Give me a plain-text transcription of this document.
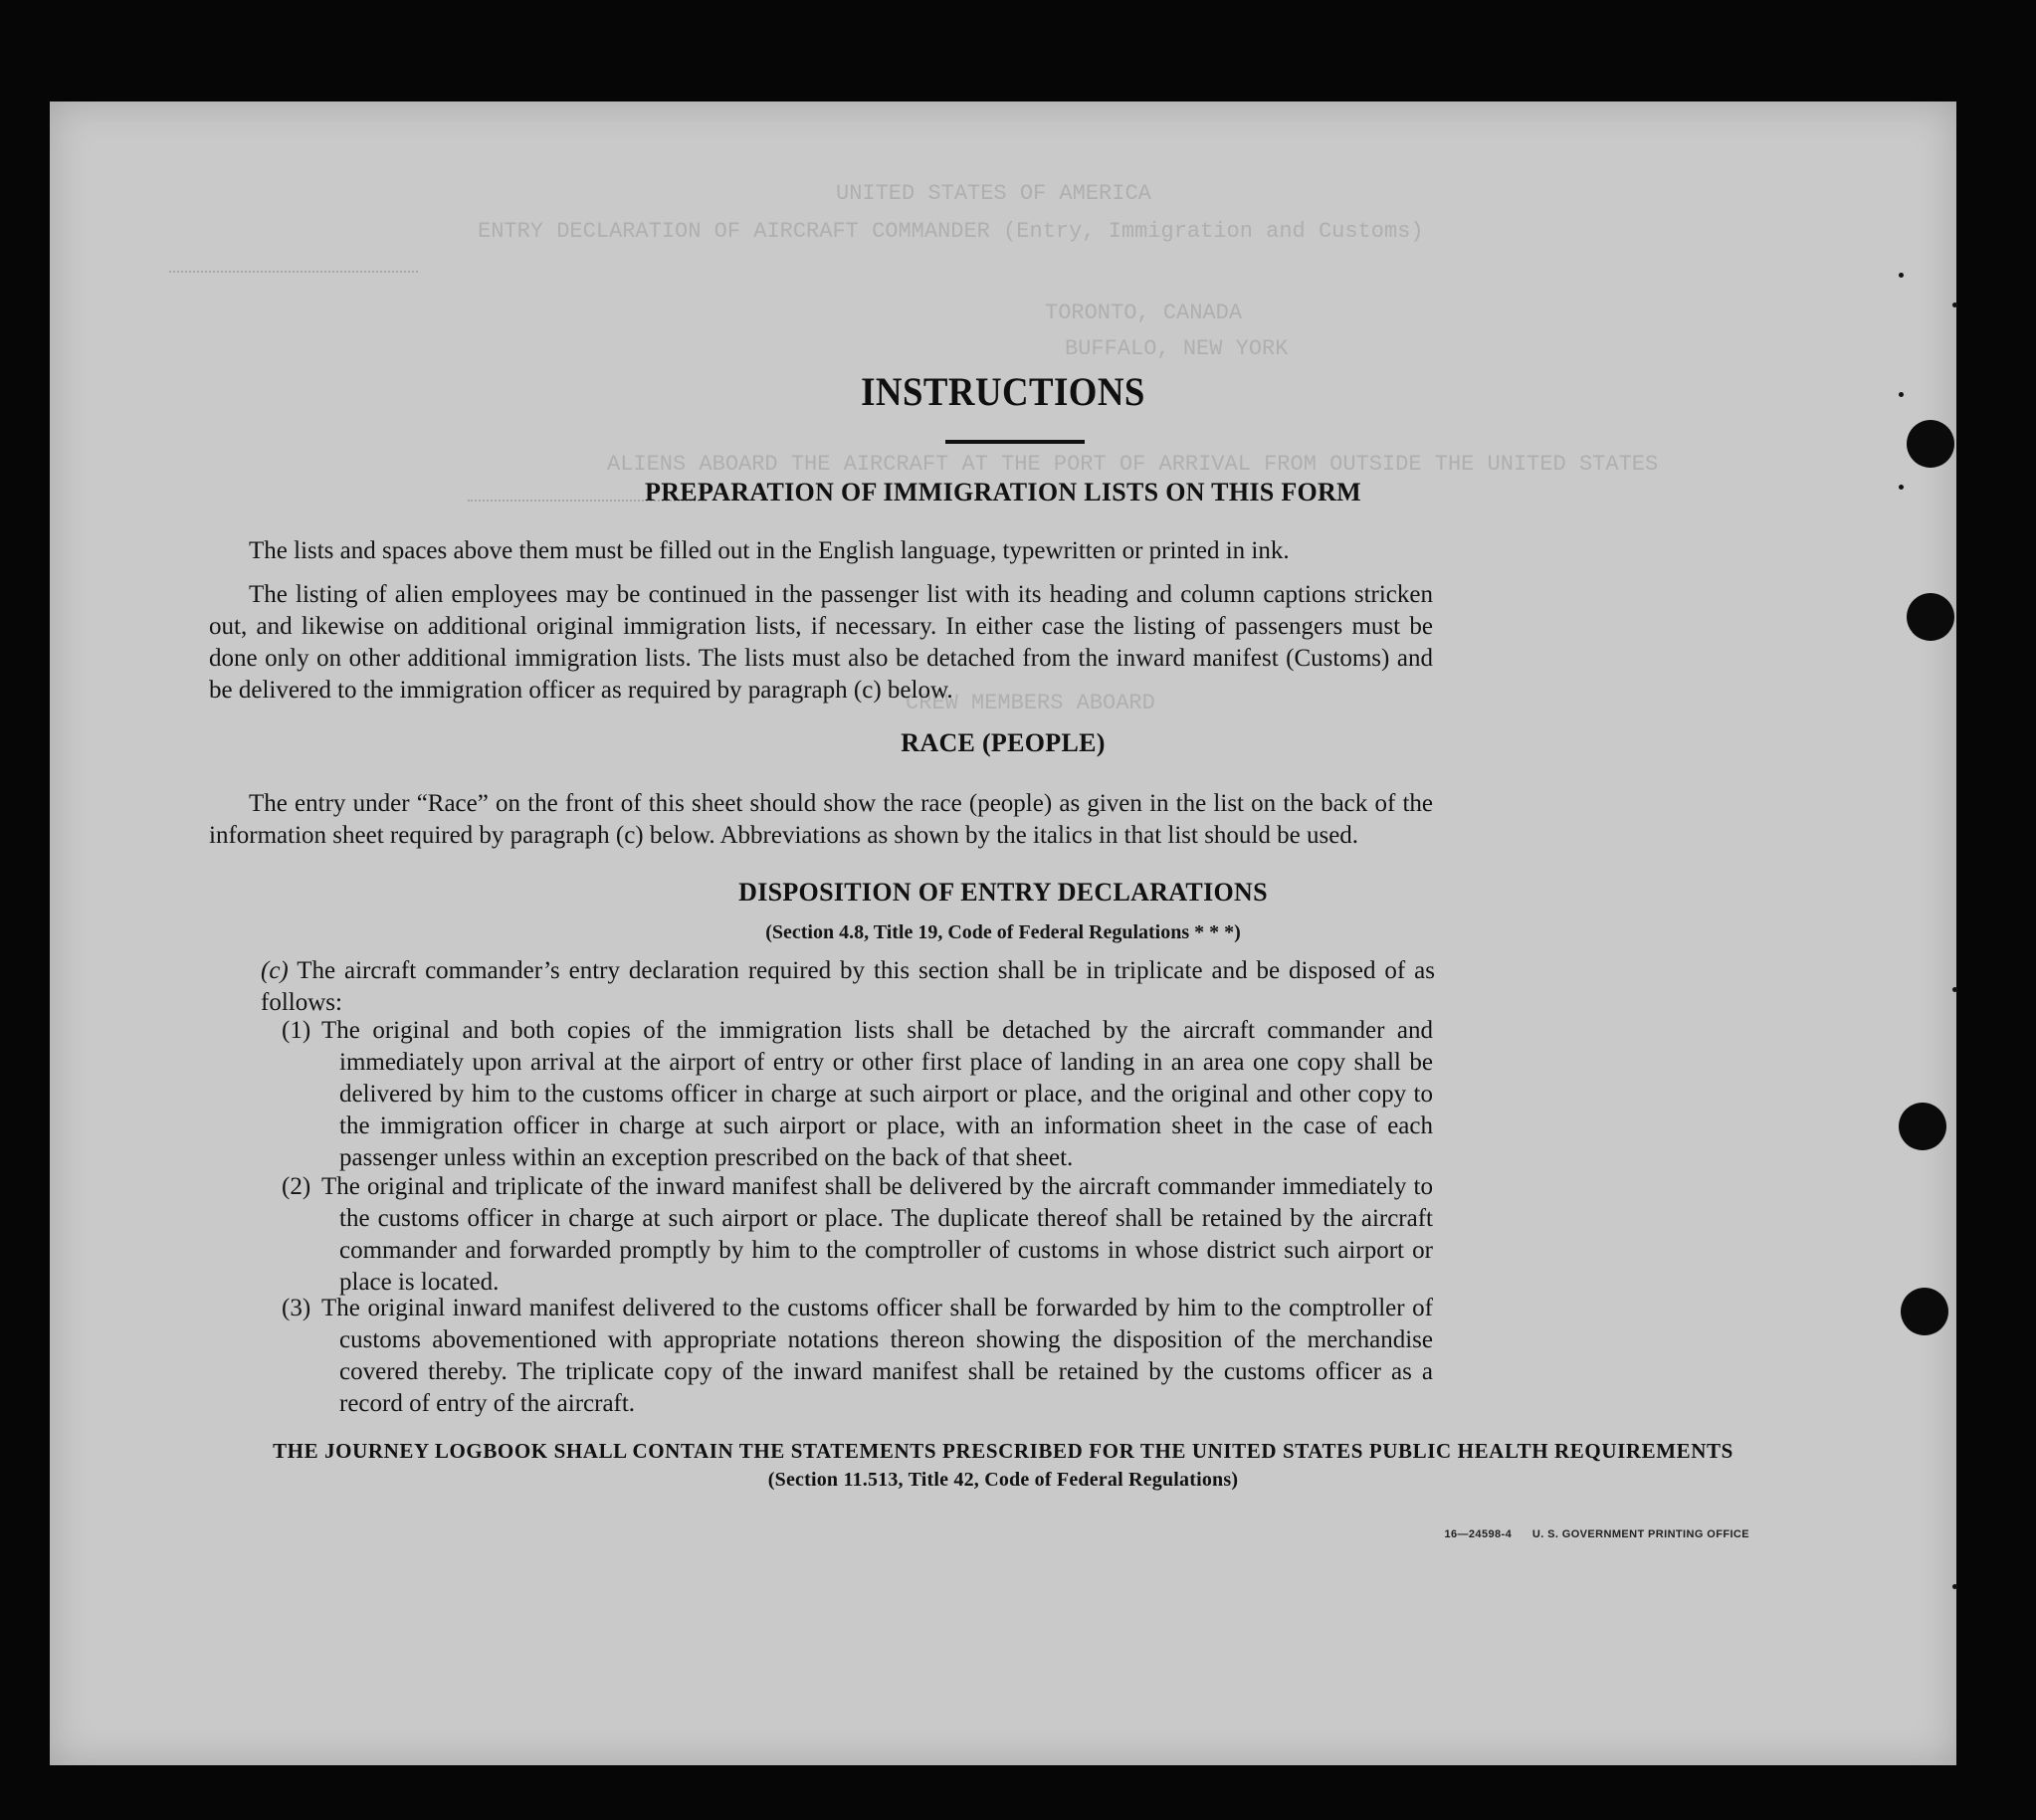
UNITED STATES OF AMERICA
ENTRY DECLARATION OF AIRCRAFT COMMANDER (Entry, Immigration and Customs)
TORONTO, CANADA
BUFFALO, NEW YORK
ALIENS ABOARD THE AIRCRAFT AT THE PORT OF ARRIVAL FROM OUTSIDE THE UNITED STATES
CREW MEMBERS ABOARD
INSTRUCTIONS
PREPARATION OF IMMIGRATION LISTS ON THIS FORM
The lists and spaces above them must be filled out in the English language, typewritten or printed in ink.
The listing of alien employees may be continued in the passenger list with its heading and column captions stricken out, and likewise on additional original immigration lists, if necessary. In either case the listing of passengers must be done only on other additional immigration lists. The lists must also be detached from the inward manifest (Customs) and be delivered to the immigration officer as required by paragraph (c) below.
RACE (PEOPLE)
The entry under “Race” on the front of this sheet should show the race (people) as given in the list on the back of the information sheet required by paragraph (c) below. Abbreviations as shown by the italics in that list should be used.
DISPOSITION OF ENTRY DECLARATIONS
(Section 4.8, Title 19, Code of Federal Regulations * * *)
(c) The aircraft commander’s entry declaration required by this section shall be in triplicate and be disposed of as follows:
(1) The original and both copies of the immigration lists shall be detached by the aircraft commander and immediately upon arrival at the airport of entry or other first place of landing in an area one copy shall be delivered by him to the customs officer in charge at such airport or place, and the original and other copy to the immigration officer in charge at such airport or place, with an information sheet in the case of each passenger unless within an exception prescribed on the back of that sheet.
(2) The original and triplicate of the inward manifest shall be delivered by the aircraft commander immediately to the customs officer in charge at such airport or place. The duplicate thereof shall be retained by the aircraft commander and forwarded promptly by him to the comptroller of customs in whose district such airport or place is located.
(3) The original inward manifest delivered to the customs officer shall be forwarded by him to the comptroller of customs abovementioned with appropriate notations thereon showing the disposition of the merchandise covered thereby. The triplicate copy of the inward manifest shall be retained by the customs officer as a record of entry of the aircraft.
THE JOURNEY LOGBOOK SHALL CONTAIN THE STATEMENTS PRESCRIBED FOR THE UNITED STATES PUBLIC HEALTH REQUIREMENTS
(Section 11.513, Title 42, Code of Federal Regulations)
16—24598-4 U. S. GOVERNMENT PRINTING OFFICE
